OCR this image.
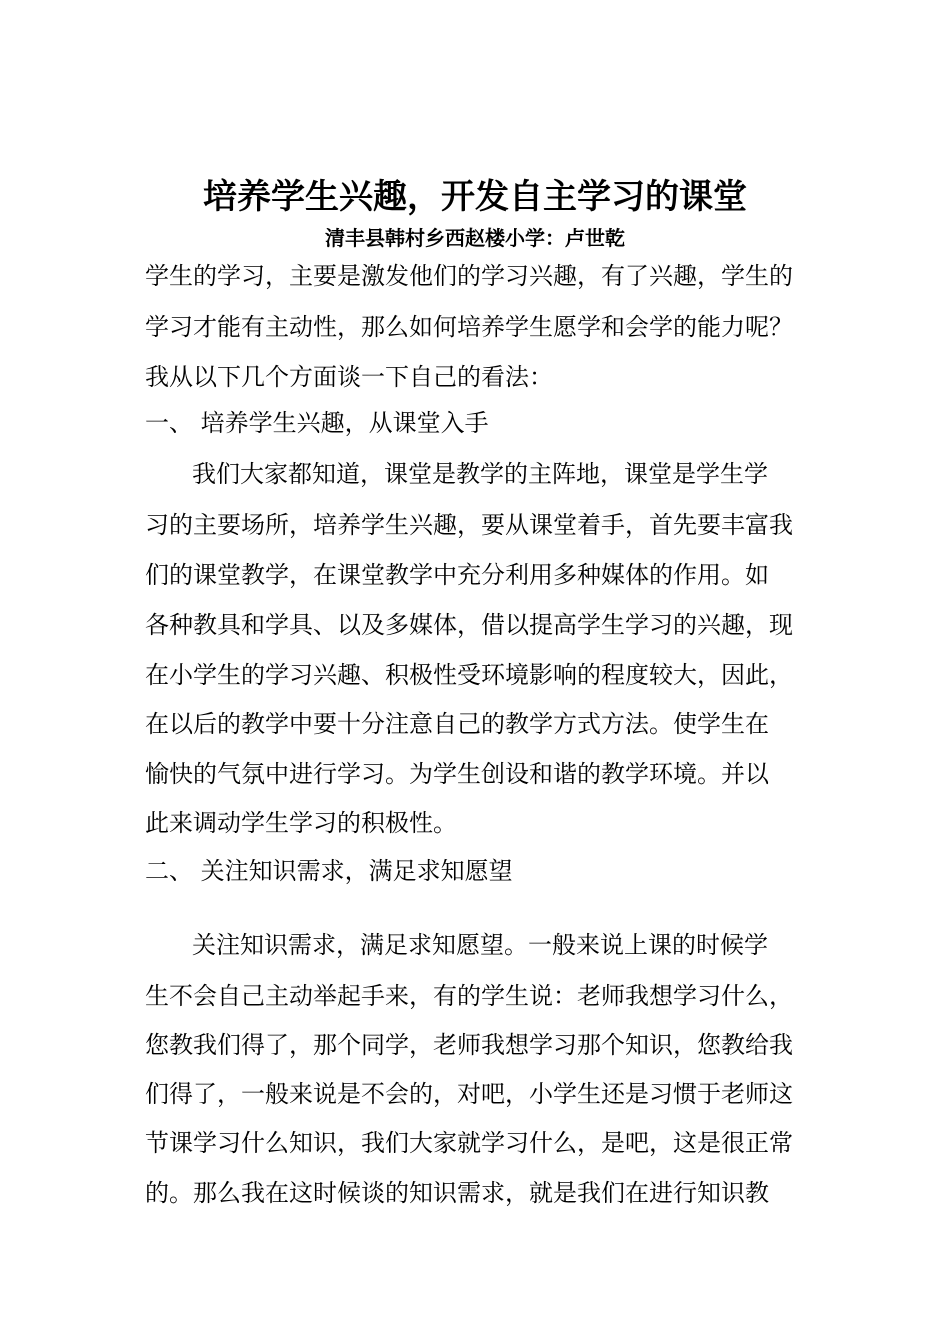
培养学生兴趣，开发自主学习的课堂
清丰县韩村乡西赵楼小学：卢世乾
学生的学习，主要是激发他们的学习兴趣，有了兴趣，学生的
学习才能有主动性，那么如何培养学生愿学和会学的能力呢？
我从以下几个方面谈一下自己的看法：
一、 培养学生兴趣，从课堂入手
我们大家都知道，课堂是教学的主阵地，课堂是学生学
习的主要场所，培养学生兴趣，要从课堂着手，首先要丰富我
们的课堂教学，在课堂教学中充分利用多种媒体的作用。如
各种教具和学具、以及多媒体，借以提高学生学习的兴趣，现
在小学生的学习兴趣、积极性受环境影响的程度较大，因此，
在以后的教学中要十分注意自己的教学方式方法。使学生在
愉快的气氛中进行学习。为学生创设和谐的教学环境。并以
此来调动学生学习的积极性。
二、 关注知识需求，满足求知愿望
关注知识需求，满足求知愿望。一般来说上课的时候学
生不会自己主动举起手来，有的学生说：老师我想学习什么，
您教我们得了，那个同学，老师我想学习那个知识，您教给我
们得了，一般来说是不会的，对吧，小学生还是习惯于老师这
节课学习什么知识，我们大家就学习什么，是吧，这是很正常
的。那么我在这时候谈的知识需求，就是我们在进行知识教
